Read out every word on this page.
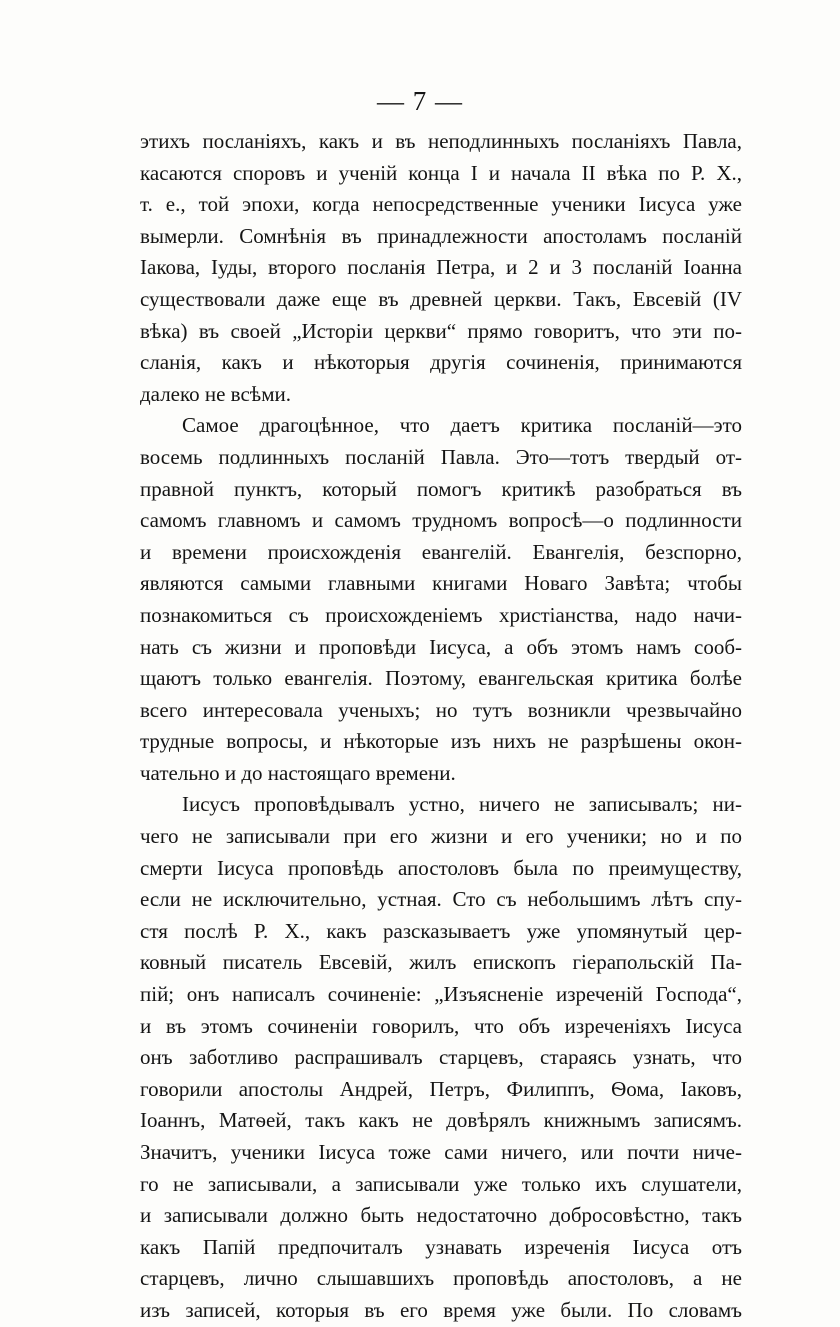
— 7 —
этихъ посланіяхъ, какъ и въ неподлинныхъ посланіяхъ Павла,
касаются споровъ и ученій конца I и начала II вѣка по Р. Х.,
т. е., той эпохи, когда непосредственные ученики Іисуса уже
вымерли. Сомнѣнія въ принадлежности апостоламъ посланій
Іакова, Іуды, второго посланія Петра, и 2 и 3 посланій Іоанна
существовали даже еще въ древней церкви. Такъ, Евсевій (IV
вѣка) въ своей „Исторіи церкви“ прямо говоритъ, что эти по-
сланія, какъ и нѣкоторыя другія сочиненія, принимаются
далеко не всѣми.
Самое драгоцѣнное, что даетъ критика посланій—это
восемь подлинныхъ посланій Павла. Это—тотъ твердый от-
правной пунктъ, который помогъ критикѣ разобраться въ
самомъ главномъ и самомъ трудномъ вопросѣ—о подлинности
и времени происхожденія евангелій. Евангелія, безспорно,
являются самыми главными книгами Новаго Завѣта; чтобы
познакомиться съ происхожденіемъ христіанства, надо начи-
нать съ жизни и проповѣди Іисуса, а объ этомъ намъ сооб-
щаютъ только евангелія. Поэтому, евангельская критика болѣе
всего интересовала ученыхъ; но тутъ возникли чрезвычайно
трудные вопросы, и нѣкоторые изъ нихъ не разрѣшены окон-
чательно и до настоящаго времени.
Іисусъ проповѣдывалъ устно, ничего не записывалъ; ни-
чего не записывали при его жизни и его ученики; но и по
смерти Іисуса проповѣдь апостоловъ была по преимуществу,
если не исключительно, устная. Сто съ небольшимъ лѣтъ спу-
стя послѣ Р. Х., какъ разсказываетъ уже упомянутый цер-
ковный писатель Евсевій, жилъ епископъ гіерапольскій Па-
пій; онъ написалъ сочиненіе: „Изъясненіе изреченій Господа“,
и въ этомъ сочиненіи говорилъ, что объ изреченіяхъ Іисуса
онъ заботливо распрашивалъ старцевъ, стараясь узнать, что
говорили апостолы Андрей, Петръ, Филиппъ, Ѳома, Іаковъ,
Іоаннъ, Матѳей, такъ какъ не довѣрялъ книжнымъ записямъ.
Значитъ, ученики Іисуса тоже сами ничего, или почти ниче-
го не записывали, а записывали уже только ихъ слушатели,
и записывали должно быть недостаточно добросовѣстно, такъ
какъ Папій предпочиталъ узнавать изреченія Іисуса отъ
старцевъ, лично слышавшихъ проповѣдь апостоловъ, а не
изъ записей, которыя въ его время уже были. По словамъ
